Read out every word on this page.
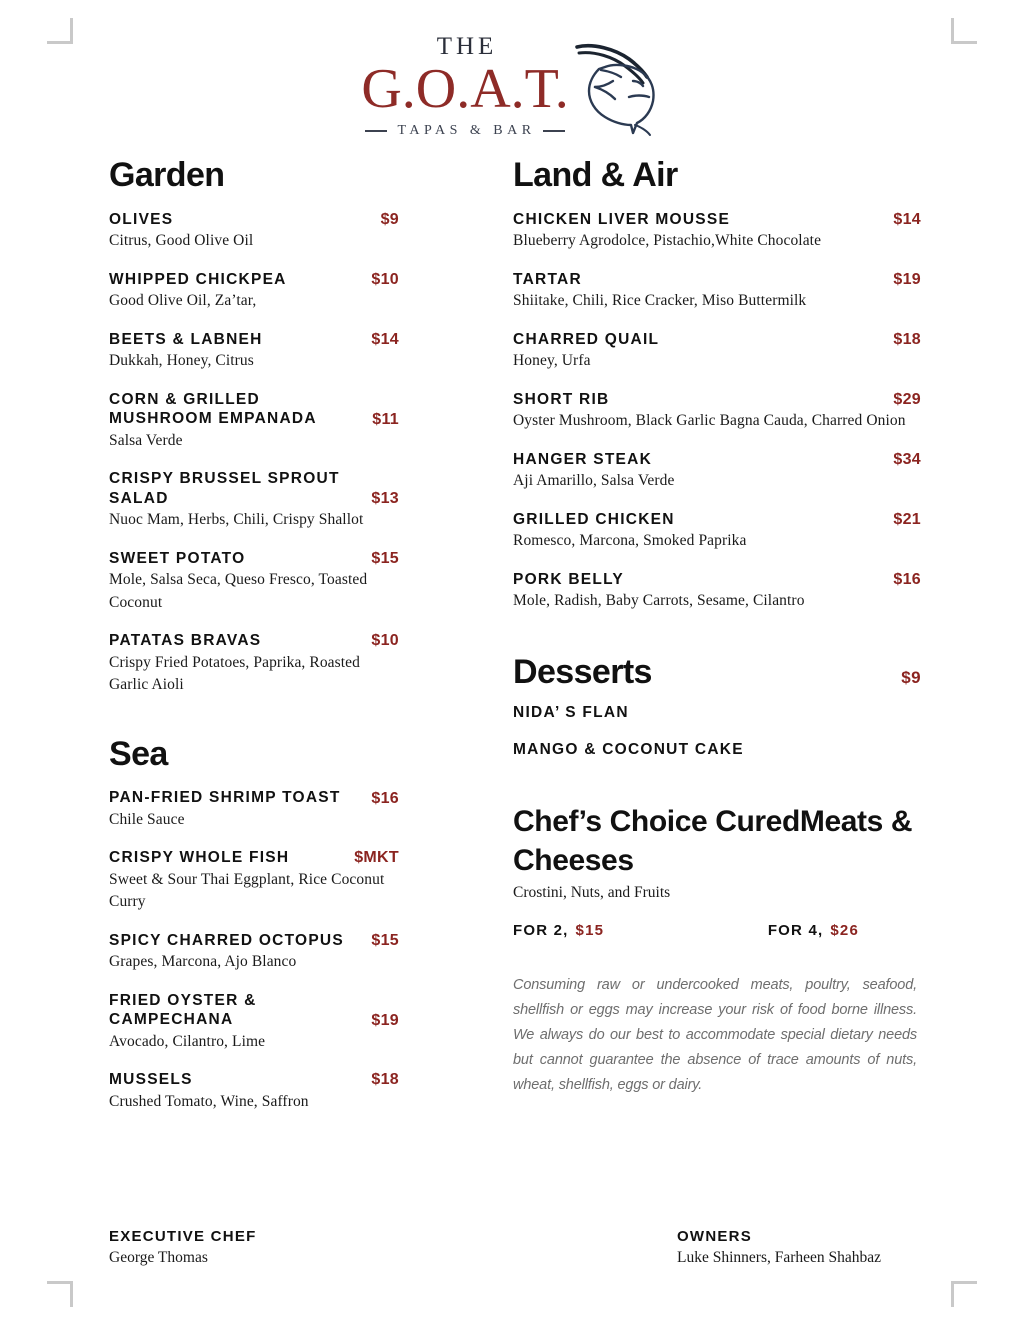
THE
G.O.A.T.
TAPAS & BAR
Garden
OLIVES	$9
Citrus, Good Olive Oil
WHIPPED CHICKPEA	$10
Good Olive Oil, Za’tar,
BEETS & LABNEH	$14
Dukkah, Honey, Citrus
CORN & GRILLED MUSHROOM EMPANADA	$11
Salsa Verde
CRISPY BRUSSEL SPROUT SALAD	$13
Nuoc Mam, Herbs, Chili, Crispy Shallot
SWEET POTATO	$15
Mole, Salsa Seca, Queso Fresco, Toasted Coconut
PATATAS BRAVAS	$10
Crispy Fried Potatoes, Paprika, Roasted Garlic Aioli
Sea
PAN-FRIED SHRIMP TOAST	$16
Chile Sauce
CRISPY WHOLE FISH	$MKT
Sweet & Sour Thai Eggplant, Rice Coconut Curry
SPICY CHARRED OCTOPUS	$15
Grapes, Marcona, Ajo Blanco
FRIED OYSTER & CAMPECHANA	$19
Avocado, Cilantro, Lime
MUSSELS	$18
Crushed Tomato, Wine, Saffron
Land & Air
CHICKEN LIVER MOUSSE	$14
Blueberry Agrodolce, Pistachio,White Chocolate
TARTAR	$19
Shiitake, Chili, Rice Cracker, Miso Buttermilk
CHARRED QUAIL	$18
Honey, Urfa
SHORT RIB	$29
Oyster Mushroom, Black Garlic Bagna Cauda, Charred Onion
HANGER STEAK	$34
Aji Amarillo, Salsa Verde
GRILLED CHICKEN	$21
Romesco, Marcona, Smoked Paprika
PORK BELLY	$16
Mole, Radish, Baby Carrots, Sesame, Cilantro
Desserts	$9
NIDA’ S FLAN
MANGO & COCONUT CAKE
Chef’s Choice CuredMeats & Cheeses
Crostini, Nuts, and Fruits
FOR 2, $15	FOR 4, $26
Consuming raw or undercooked meats, poultry, seafood, shellfish or eggs may increase your risk of food borne illness. We always do our best to accommodate special dietary needs but cannot guarantee the absence of trace amounts of nuts, wheat, shellfish, eggs or dairy.
EXECUTIVE CHEF
George Thomas
OWNERS
Luke Shinners, Farheen Shahbaz
